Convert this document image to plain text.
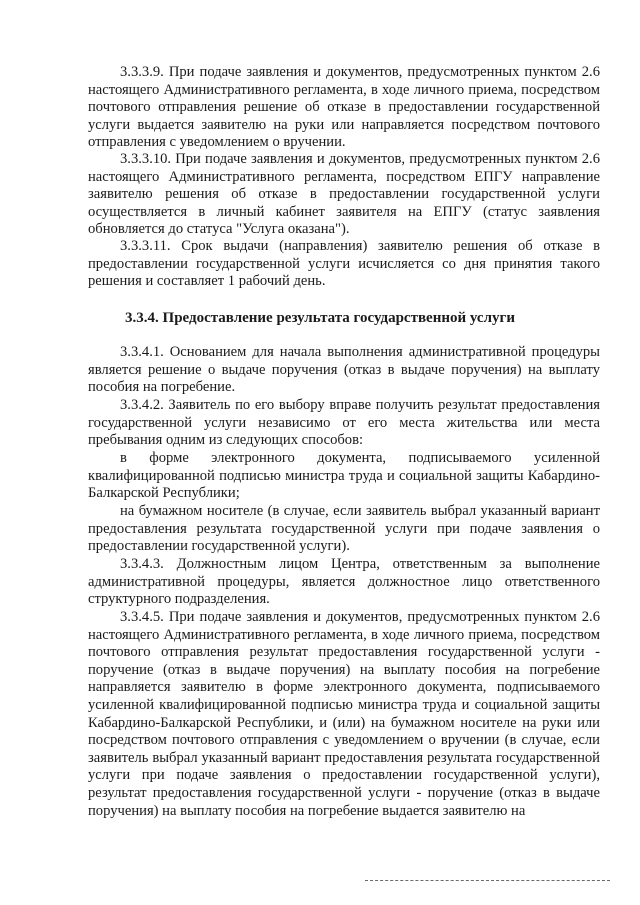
3.3.3.9. При подаче заявления и документов, предусмотренных пунктом 2.6 настоящего Административного регламента, в ходе личного приема, посредством почтового отправления решение об отказе в предоставлении государственной услуги выдается заявителю на руки или направляется посредством почтового отправления с уведомлением о вручении.

3.3.3.10. При подаче заявления и документов, предусмотренных пунктом 2.6 настоящего Административного регламента, посредством ЕПГУ направление заявителю решения об отказе в предоставлении государственной услуги осуществляется в личный кабинет заявителя на ЕПГУ (статус заявления обновляется до статуса "Услуга оказана").

3.3.3.11. Срок выдачи (направления) заявителю решения об отказе в предоставлении государственной услуги исчисляется со дня принятия такого решения и составляет 1 рабочий день.

3.3.4. Предоставление результата государственной услуги

3.3.4.1. Основанием для начала выполнения административной процедуры является решение о выдаче поручения (отказ в выдаче поручения) на выплату пособия на погребение.

3.3.4.2. Заявитель по его выбору вправе получить результат предоставления государственной услуги независимо от его места жительства или места пребывания одним из следующих способов:

в форме электронного документа, подписываемого усиленной квалифицированной подписью министра труда и социальной защиты Кабардино-Балкарской Республики;

на бумажном носителе (в случае, если заявитель выбрал указанный вариант предоставления результата государственной услуги при подаче заявления о предоставлении государственной услуги).

3.3.4.3. Должностным лицом Центра, ответственным за выполнение административной процедуры, является должностное лицо ответственного структурного подразделения.

3.3.4.5. При подаче заявления и документов, предусмотренных пунктом 2.6 настоящего Административного регламента, в ходе личного приема, посредством почтового отправления результат предоставления государственной услуги - поручение (отказ в выдаче поручения) на выплату пособия на погребение направляется заявителю в форме электронного документа, подписываемого усиленной квалифицированной подписью министра труда и социальной защиты Кабардино-Балкарской Республики, и (или) на бумажном носителе на руки или посредством почтового отправления с уведомлением о вручении (в случае, если заявитель выбрал указанный вариант предоставления результата государственной услуги при подаче заявления о предоставлении государственной услуги), результат предоставления государственной услуги - поручение (отказ в выдаче поручения) на выплату пособия на погребение выдается заявителю на
